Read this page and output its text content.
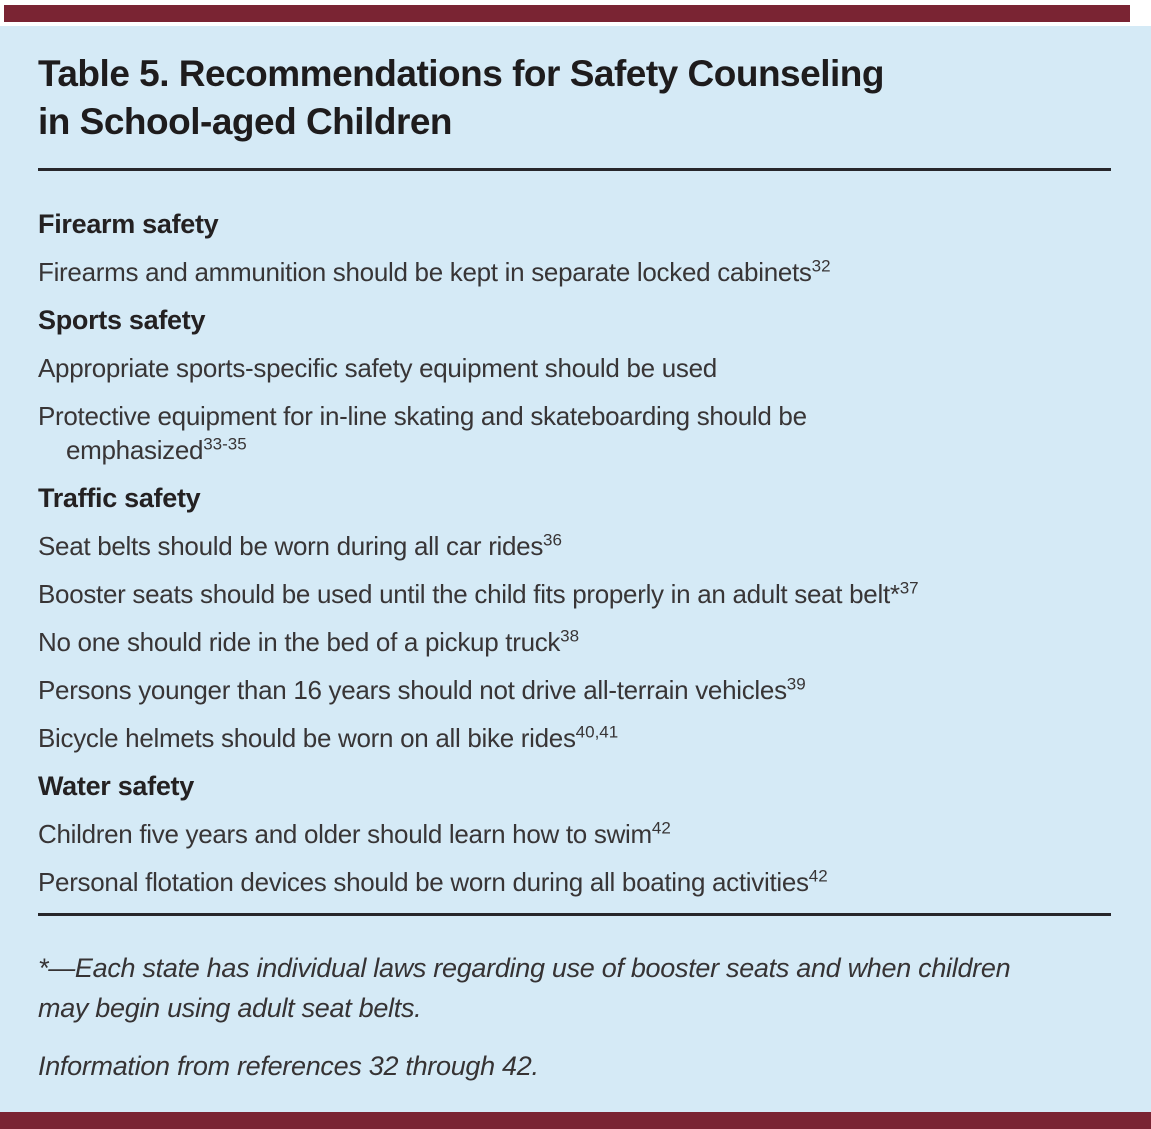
Table 5. Recommendations for Safety Counseling
in School-aged Children
Firearm safety
Firearms and ammunition should be kept in separate locked cabinets$^{32}$
Sports safety
Appropriate sports-specific safety equipment should be used
Protective equipment for in-line skating and skateboarding should be
emphasized$^{33-35}$
Traffic safety
Seat belts should be worn during all car rides$^{36}$
Booster seats should be used until the child fits properly in an adult seat belt*$^{37}$
No one should ride in the bed of a pickup truck$^{38}$
Persons younger than 16 years should not drive all-terrain vehicles$^{39}$
Bicycle helmets should be worn on all bike rides$^{40,41}$
Water safety
Children five years and older should learn how to swim$^{42}$
Personal flotation devices should be worn during all boating activities$^{42}$
*—Each state has individual laws regarding use of booster seats and when children
may begin using adult seat belts.
Information from references 32 through 42.
